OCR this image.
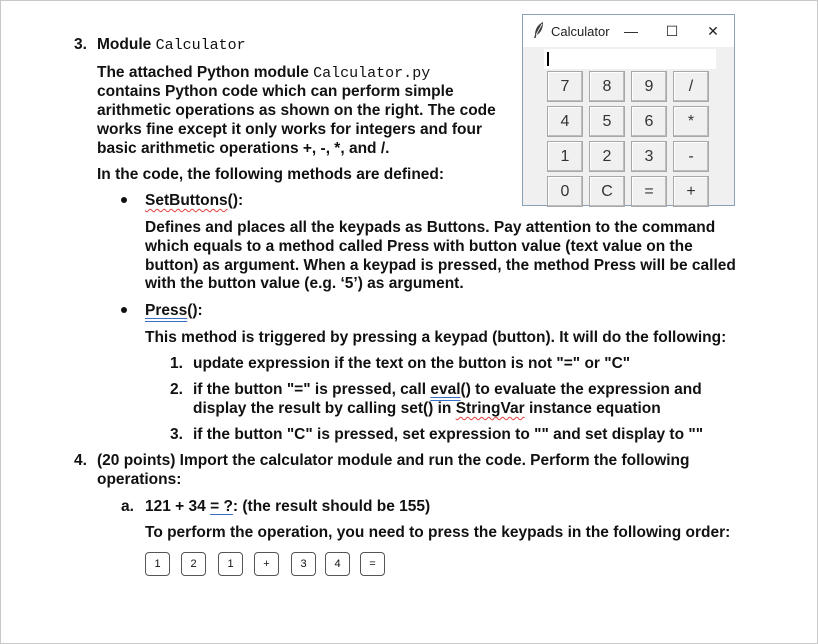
3. Module Calculator
The attached Python module Calculator.py
contains Python code which can perform simple
arithmetic operations as shown on the right. The code
works fine except it only works for integers and four
basic arithmetic operations +, -, *, and /.
In the code, the following methods are defined:
SetButtons():
Defines and places all the keypads as Buttons. Pay attention to the command
which equals to a method called Press with button value (text value on the
button) as argument. When a keypad is pressed, the method Press will be called
with the button value (e.g. ‘5’) as argument.
Press():
This method is triggered by pressing a keypad (button). It will do the following:
1. update expression if the text on the button is not "=" or "C"
2. if the button "=" is pressed, call eval() to evaluate the expression and
display the result by calling set() in StringVar instance equation
3. if the button "C" is pressed, set expression to "" and set display to ""
4. (20 points) Import the calculator module and run the code. Perform the following
operations:
a. 121 + 34 = ?: (the result should be 155)
To perform the operation, you need to press the keypads in the following order:
1	2	1	+	3	4	=
Calculator	—	☐	✕
7	8	9	/
4	5	6	*
1	2	3	-
0	C	=	+
